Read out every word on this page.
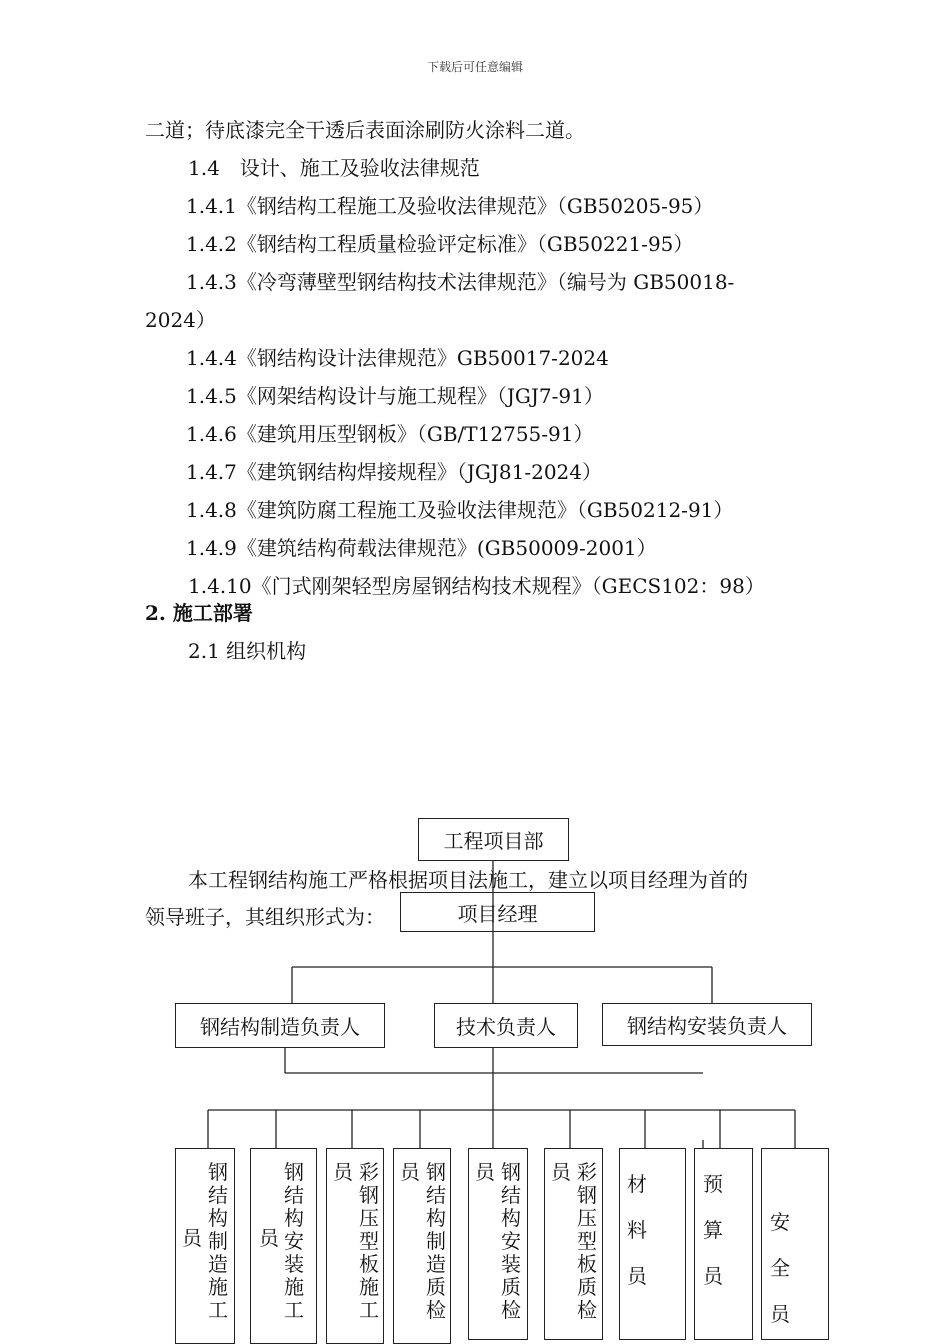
下载后可任意编辑
二道；待底漆完全干透后表面涂刷防火涂料二道。
1.4　设计、施工及验收法律规范
1.4.1《钢结构工程施工及验收法律规范》（GB50205-95）
1.4.2《钢结构工程质量检验评定标准》（GB50221-95）
1.4.3《冷弯薄壁型钢结构技术法律规范》（编号为 GB50018-
2024）
1.4.4《钢结构设计法律规范》GB50017-2024
1.4.5《网架结构设计与施工规程》（JGJ7-91）
1.4.6《建筑用压型钢板》（GB/T12755-91）
1.4.7《建筑钢结构焊接规程》（JGJ81-2024）
1.4.8《建筑防腐工程施工及验收法律规范》（GB50212-91）
1.4.9《建筑结构荷载法律规范》(GB50009-2001）
1.4.10《门式刚架轻型房屋钢结构技术规程》（GECS102：98）
2. 施工部署
2.1 组织机构
本工程钢结构施工严格根据项目法施工，建立以项目经理为首的
领导班子，其组织形式为：
工程项目部
项目经理
钢结构制造负责人	技术负责人	钢结构安装负责人
员
钢结构制造施工
员
钢结构安装施工
员 彩钢压型板施工
员 钢结构制造质检
员 钢结构安装质检
员 彩钢压型板质检
材料员
预算员
安全员
